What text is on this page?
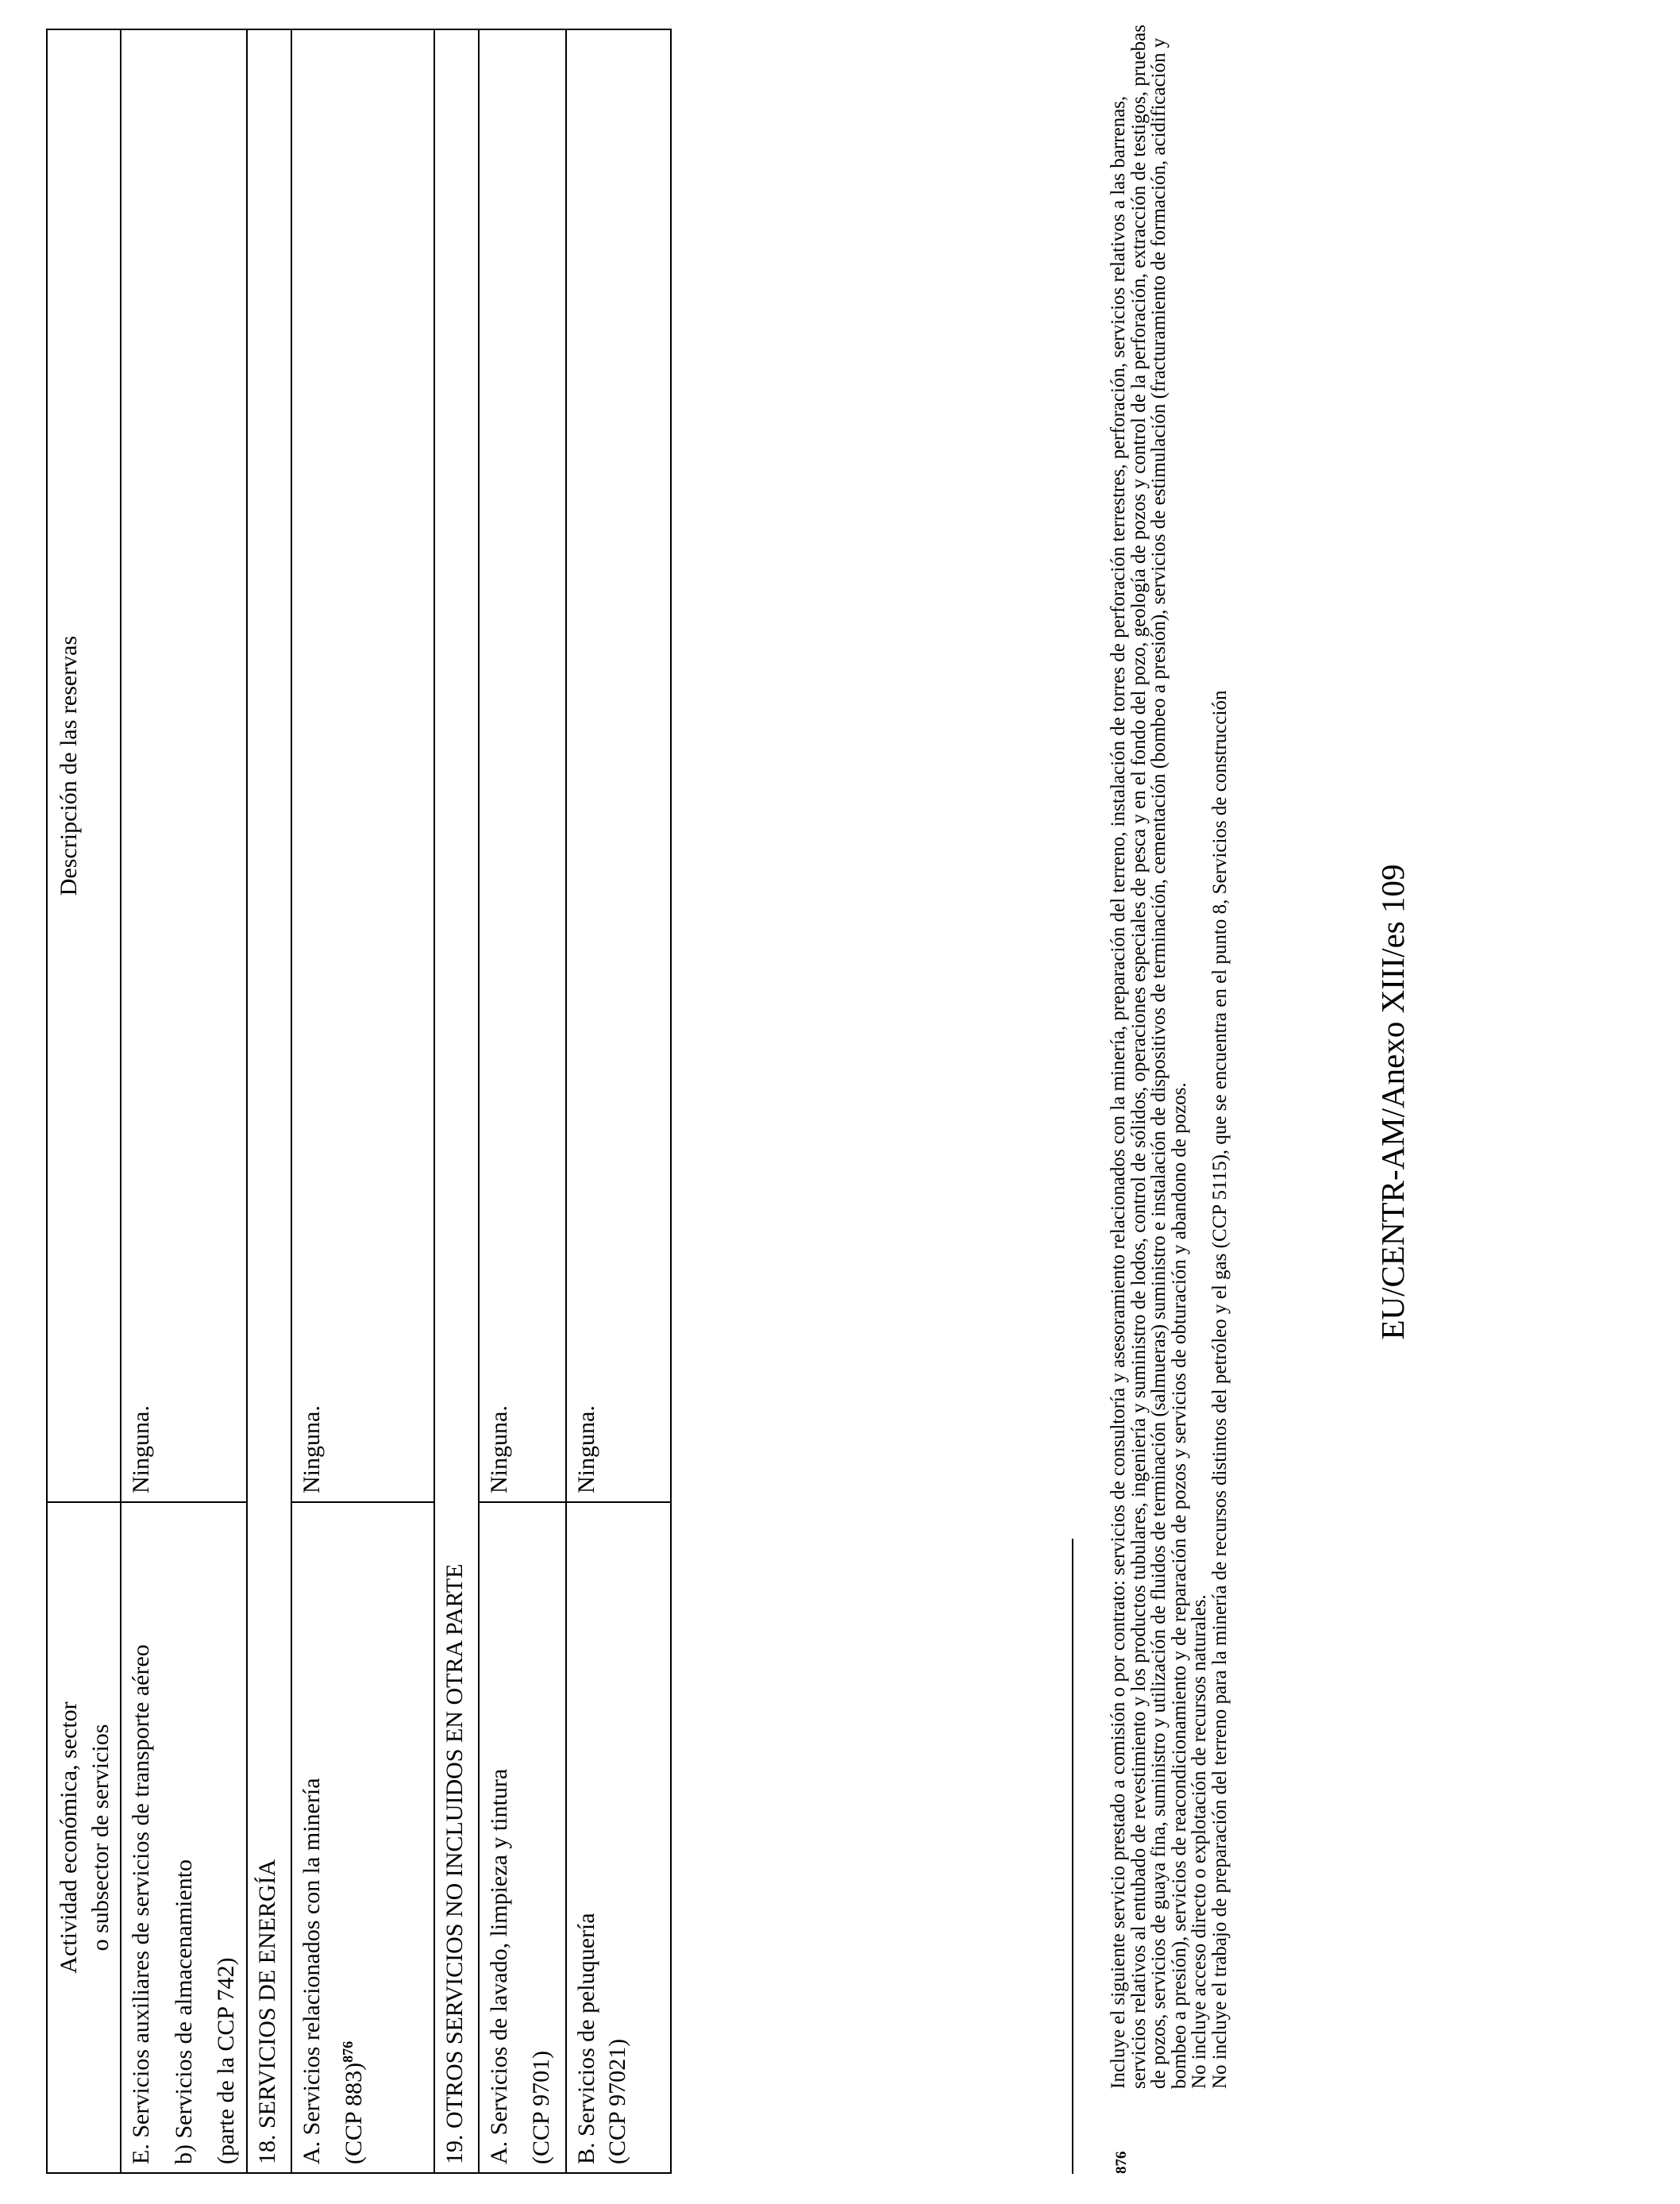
Actividad económica, sector o subsector de servicios	Descripción de las reservas

E. Servicios auxiliares de servicios de transporte aéreo b) Servicios de almacenamiento (parte de la CCP 742)	Ninguna.
18. SERVICIOS DE ENERGÍA	

A. Servicios relacionados con la minería (CCP 883)$^{876}$	Ninguna.
19. OTROS SERVICIOS NO INCLUIDOS EN OTRA PARTE	

A. Servicios de lavado, limpieza y tintura (CCP 9701)	Ninguna.

B. Servicios de peluquería (CCP 97021)	Ninguna.
876
Incluye el siguiente servicio prestado a comisión o por contrato: servicios de consultoría y asesoramiento relacionados con la minería, preparación del terreno, instalación de torres de perforación terrestres, perforación, servicios relativos a las barrenas, servicios relativos al entubado de revestimiento y los productos tubulares, ingeniería y suministro de lodos, control de sólidos, operaciones especiales de pesca y en el fondo del pozo, geología de pozos y control de la perforación, extracción de testigos, pruebas de pozos, servicios de guaya fina, suministro y utilización de fluidos de terminación (salmueras) suministro e instalación de dispositivos de terminación, cementación (bombeo a presión), servicios de estimulación (fracturamiento de formación, acidificación y bombeo a presión), servicios de reacondicionamiento y de reparación de pozos y servicios de obturación y abandono de pozos.
No incluye acceso directo o explotación de recursos naturales.
No incluye el trabajo de preparación del terreno para la minería de recursos distintos del petróleo y el gas (CCP 5115), que se encuentra en el punto 8, Servicios de construcción	EU/CENTR-AM/Anexo XIII/es 109
